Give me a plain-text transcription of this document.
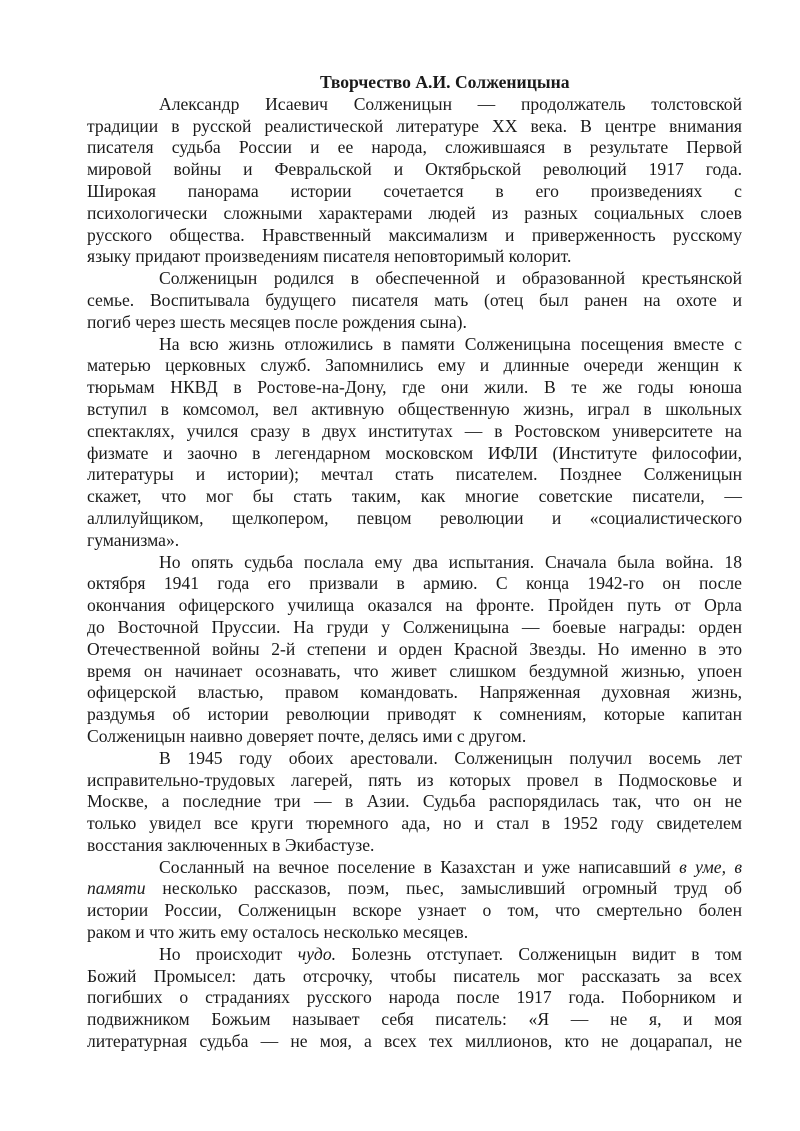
Творчество А.И. Солженицына
Александр Исаевич Солженицын — продолжатель толстовской
традиции в русской реалистической литературе XX века. В центре внимания
писателя судьба России и ее народа, сложившаяся в результате Первой
мировой войны и Февральской и Октябрьской революций 1917 года.
Широкая панорама истории сочетается в его произведениях с
психологически сложными характерами людей из разных социальных слоев
русского общества. Нравственный максимализм и приверженность русскому
языку придают произведениям писателя неповторимый колорит.
Солженицын родился в обеспеченной и образованной крестьянской
семье. Воспитывала будущего писателя мать (отец был ранен на охоте и
погиб через шесть месяцев после рождения сына).
На всю жизнь отложились в памяти Солженицына посещения вместе с
матерью церковных служб. Запомнились ему и длинные очереди женщин к
тюрьмам НКВД в Ростове-на-Дону, где они жили. В те же годы юноша
вступил в комсомол, вел активную общественную жизнь, играл в школьных
спектаклях, учился сразу в двух институтах — в Ростовском университете на
физмате и заочно в легендарном московском ИФЛИ (Институте философии,
литературы и истории); мечтал стать писателем. Позднее Солженицын
скажет, что мог бы стать таким, как многие советские писатели, —
аллилуйщиком, щелкопером, певцом революции и «социалистического
гуманизма».
Но опять судьба послала ему два испытания. Сначала была война. 18
октября 1941 года его призвали в армию. С конца 1942-го он после
окончания офицерского училища оказался на фронте. Пройден путь от Орла
до Восточной Пруссии. На груди у Солженицына — боевые награды: орден
Отечественной войны 2-й степени и орден Красной Звезды. Но именно в это
время он начинает осознавать, что живет слишком бездумной жизнью, упоен
офицерской властью, правом командовать. Напряженная духовная жизнь,
раздумья об истории революции приводят к сомнениям, которые капитан
Солженицын наивно доверяет почте, делясь ими с другом.
В 1945 году обоих арестовали. Солженицын получил восемь лет
исправительно-трудовых лагерей, пять из которых провел в Подмосковье и
Москве, а последние три — в Азии. Судьба распорядилась так, что он не
только увидел все круги тюремного ада, но и стал в 1952 году свидетелем
восстания заключенных в Экибастузе.
Сосланный на вечное поселение в Казахстан и уже написавший в уме, в
памяти несколько рассказов, поэм, пьес, замысливший огромный труд об
истории России, Солженицын вскоре узнает о том, что смертельно болен
раком и что жить ему осталось несколько месяцев.
Но происходит чудо. Болезнь отступает. Солженицын видит в том
Божий Промысел: дать отсрочку, чтобы писатель мог рассказать за всех
погибших о страданиях русского народа после 1917 года. Поборником и
подвижником Божьим называет себя писатель: «Я — не я, и моя
литературная судьба — не моя, а всех тех миллионов, кто не доцарапал, не
